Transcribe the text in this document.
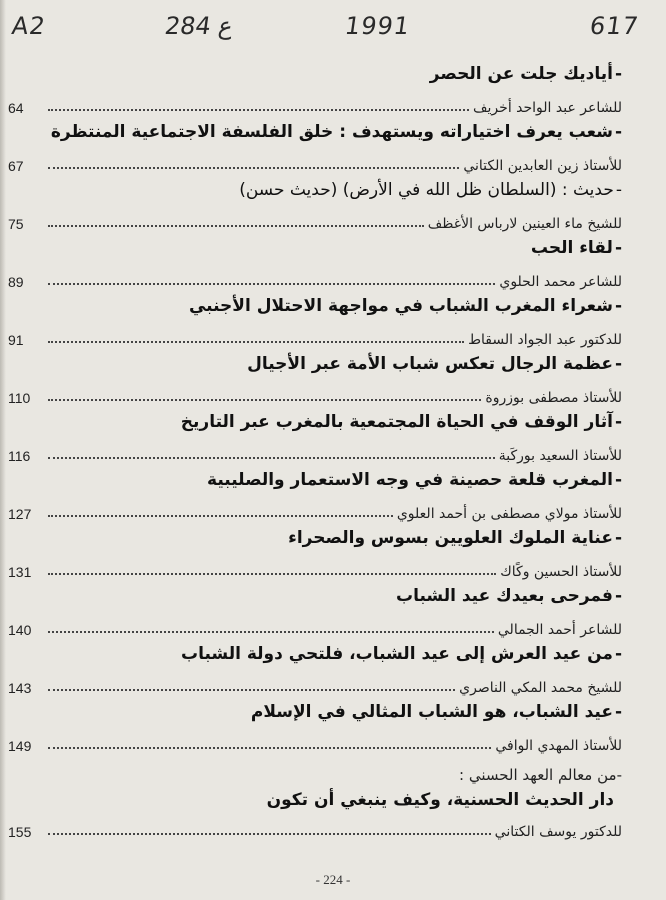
A2	284 ع	1991	617
-أياديك جلت عن الحصر
64	للشاعر عبد الواحد أخريف
-شعب يعرف اختياراته ويستهدف : خلق الفلسفة الاجتماعية المنتظرة
67	للأستاذ زين العابدين الكتاني
-حديث : (السلطان ظل الله في الأرض) (حديث حسن)
75	للشيخ ماء العينين لارباس الأغظف
-لقاء الحب
89	للشاعر محمد الحلوي
-شعراء المغرب الشباب في مواجهة الاحتلال الأجنبي
91	للدكتور عبد الجواد السقاط
-عظمة الرجال تعكس شباب الأمة عبر الأجيال
110	للأستاذ مصطفى بوزروة
-آثار الوقف في الحياة المجتمعية بالمغرب عبر التاريخ
116	للأستاذ السعيد بوركَبة
-المغرب قلعة حصينة في وجه الاستعمار والصليبية
127	للأستاذ مولاي مصطفى بن أحمد العلوي
-عناية الملوك العلويين بسوس والصحراء
131	للأستاذ الحسين وكًاك
-فمرحى بعيدك عيد الشباب
140	للشاعر أحمد الجمالي
-من عيد العرش إلى عيد الشباب، فلتحي دولة الشباب
143	للشيخ محمد المكي الناصري
-عيد الشباب، هو الشباب المثالي في الإسلام
149	للأستاذ المهدي الوافي
-من معالم العهد الحسني :
دار الحديث الحسنية، وكيف ينبغي أن تكون
155	للدكتور يوسف الكتاني
- 224 -
